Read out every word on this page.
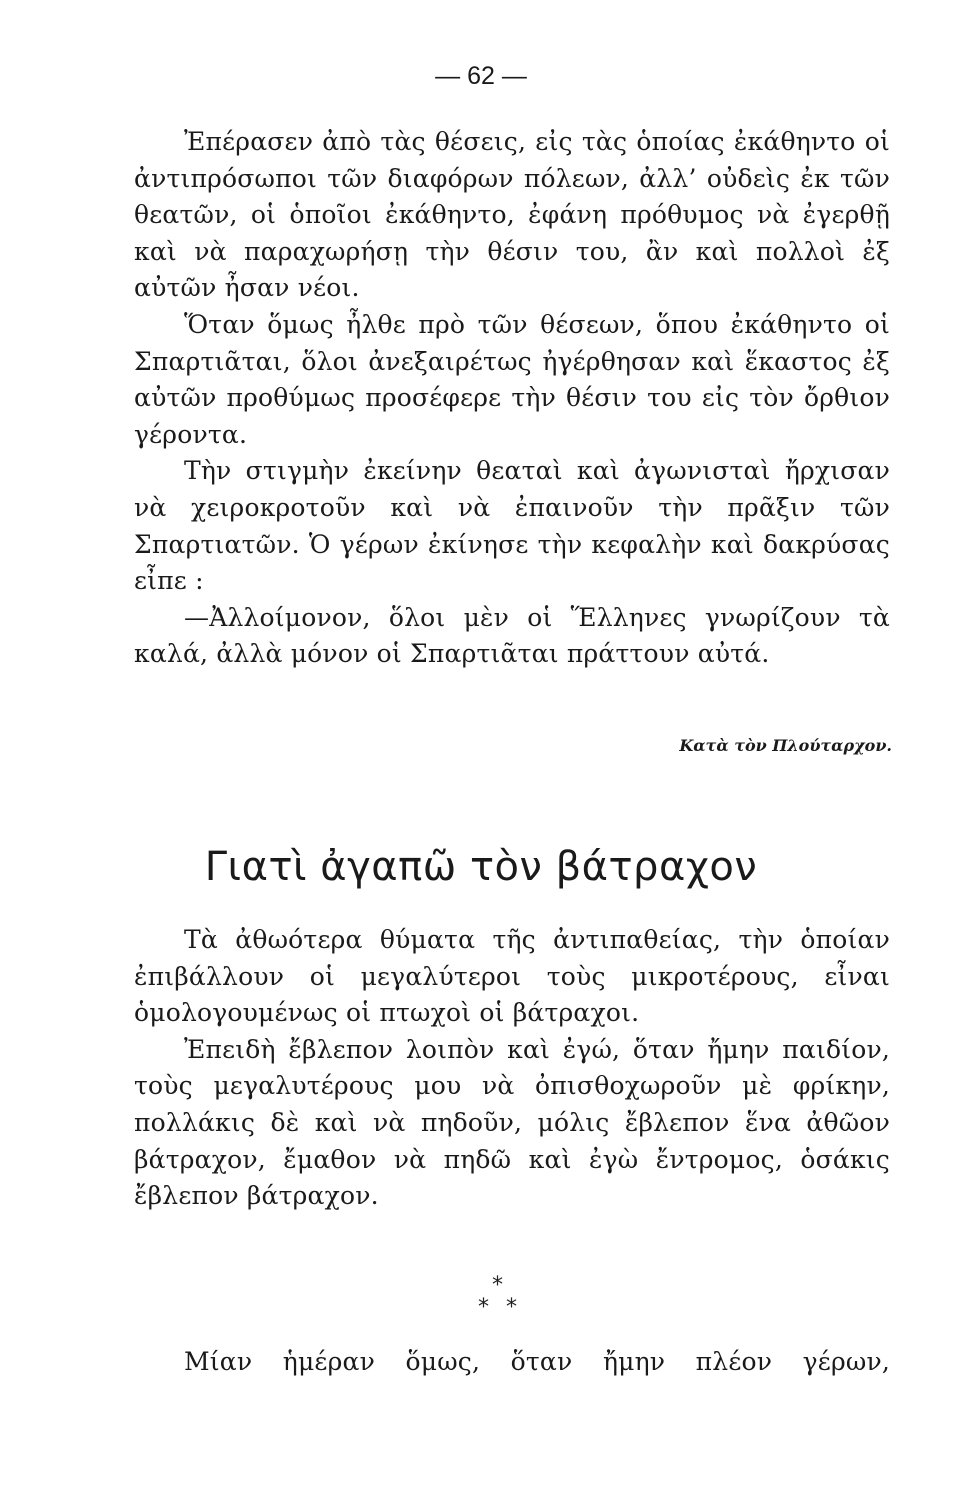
— 62 —

Ἐπέρασεν ἀπὸ τὰς θέσεις, εἰς τὰς ὁποίας ἐκάθηντο οἱ ἀντιπρόσωποι τῶν διαφόρων πόλεων, ἀλλ’ οὐδεὶς ἐκ τῶν θεατῶν, οἱ ὁποῖοι ἐκάθηντο, ἐφάνη πρόθυμος νὰ ἐγερθῇ καὶ νὰ παραχωρήσῃ τὴν θέσιν του, ἂν καὶ πολλοὶ ἐξ αὐτῶν ἦσαν νέοι.

Ὅταν ὅμως ἦλθε πρὸ τῶν θέσεων, ὅπου ἐκάθηντο οἱ Σπαρτιᾶται, ὅλοι ἀνεξαιρέτως ἠγέρθησαν καὶ ἕκαστος ἐξ αὐτῶν προθύμως προσέφερε τὴν θέσιν του εἰς τὸν ὄρθιον γέροντα.

Τὴν στιγμὴν ἐκείνην θεαταὶ καὶ ἀγωνισταὶ ἤρχισαν νὰ χειροκροτοῦν καὶ νὰ ἐπαινοῦν τὴν πρᾶξιν τῶν Σπαρτιατῶν. Ὁ γέρων ἐκίνησε τὴν κεφαλὴν καὶ δακρύσας εἶπε :

—Ἀλλοίμονον, ὅλοι μὲν οἱ Ἕλληνες γνωρίζουν τὰ καλά, ἀλλὰ μόνον οἱ Σπαρτιᾶται πράττουν αὐτά.

Κατὰ τὸν Πλούταρχον.
Γιατὶ ἀγαπῶ τὸν βάτραχον

Τὰ ἀθωότερα θύματα τῆς ἀντιπαθείας, τὴν ὁποίαν ἐπιβάλλουν οἱ μεγαλύτεροι τοὺς μικροτέρους, εἶναι ὁμολογουμένως οἱ πτωχοὶ οἱ βάτραχοι.

Ἐπειδὴ ἔβλεπον λοιπὸν καὶ ἐγώ, ὅταν ἤμην παιδίον, τοὺς μεγαλυτέρους μου νὰ ὀπισθοχωροῦν μὲ φρίκην, πολλάκις δὲ καὶ νὰ πηδοῦν, μόλις ἔβλεπον ἕνα ἀθῶον βάτραχον, ἔμαθον νὰ πηδῶ καὶ ἐγὼ ἔντρομος, ὁσάκις ἔβλεπον βάτραχον.

*
* *

Μίαν ἡμέραν ὅμως, ὅταν ἤμην πλέον γέρων,
